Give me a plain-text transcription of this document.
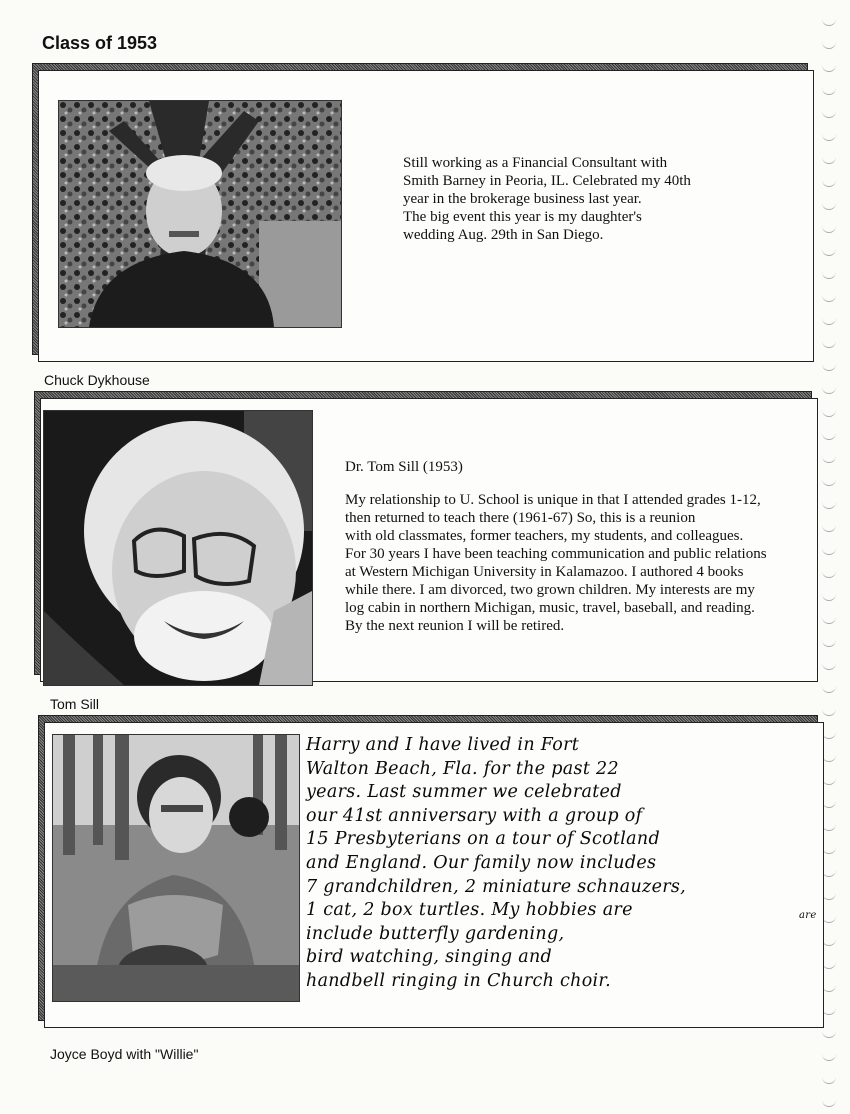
Class of 1953
Still working as a Financial Consultant with
Smith Barney in Peoria, IL. Celebrated my 40th
year in the brokerage business last year.
The big event this year is my daughter's
wedding Aug. 29th in San Diego.
Chuck Dykhouse
Dr. Tom Sill (1953)
My relationship to U. School is unique in that I attended grades 1-12,
then returned to teach there (1961-67) So, this is a reunion
with old classmates, former teachers, my students, and colleagues.
For 30 years I have been teaching communication and public relations
at Western Michigan University in Kalamazoo. I authored 4 books
while there. I am divorced, two grown children. My interests are my
log cabin in northern Michigan, music, travel, baseball, and reading.
By the next reunion I will be retired.
Tom Sill
Harry and I have lived in Fort
Walton Beach, Fla. for the past 22
years. Last summer we celebrated
our 41st anniversary with a group of
15 Presbyterians on a tour of Scotland
and England. Our family now includes
7 grandchildren, 2 miniature schnauzers,
1 cat, 2 box turtles. My hobbies are
include butterfly gardening,
bird watching, singing and
handbell ringing in Church choir.
are
Joyce Boyd with "Willie"
